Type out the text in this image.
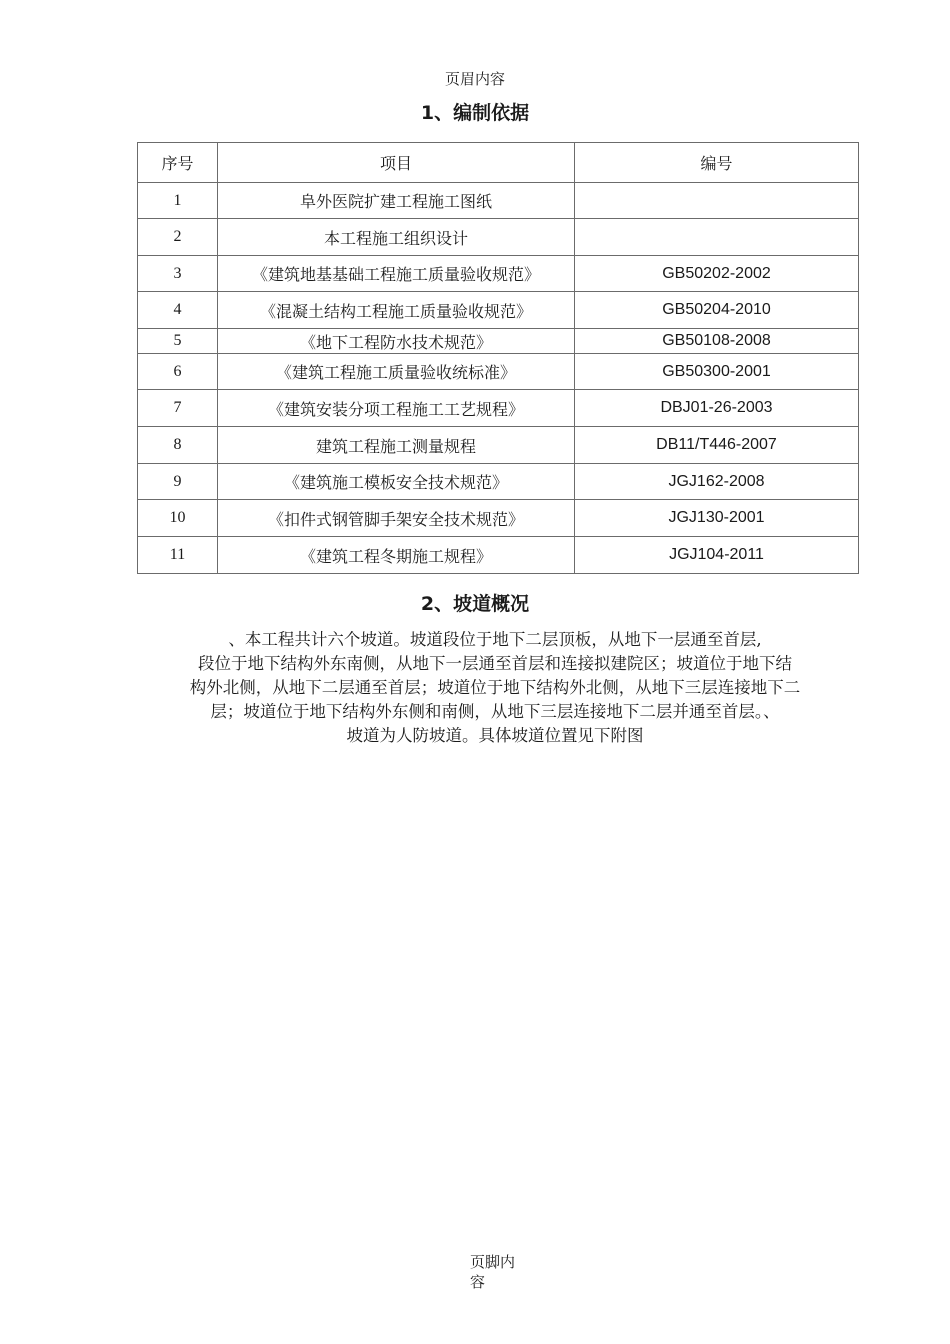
页眉内容
1、编制依据
序号	项目	编号
1	阜外医院扩建工程施工图纸	
2	本工程施工组织设计	
3	《建筑地基基础工程施工质量验收规范》	GB50202-2002
4	《混凝土结构工程施工质量验收规范》	GB50204-2010
5	《地下工程防水技术规范》	GB50108-2008
6	《建筑工程施工质量验收统标准》	GB50300-2001
7	《建筑安装分项工程施工工艺规程》	DBJ01-26-2003
8	建筑工程施工测量规程	DB11/T446-2007
9	《建筑施工模板安全技术规范》	JGJ162-2008
10	《扣件式钢管脚手架安全技术规范》	JGJ130-2001
11	《建筑工程冬期施工规程》	JGJ104-2011
2、坡道概况
、本工程共计六个坡道。坡道段位于地下二层顶板，从地下一层通至首层,
段位于地下结构外东南侧，从地下一层通至首层和连接拟建院区；坡道位于地下结
构外北侧，从地下二层通至首层；坡道位于地下结构外北侧，从地下三层连接地下二
层；坡道位于地下结构外东侧和南侧，从地下三层连接地下二层并通至首层。、
坡道为人防坡道。具体坡道位置见下附图
页脚内
容
